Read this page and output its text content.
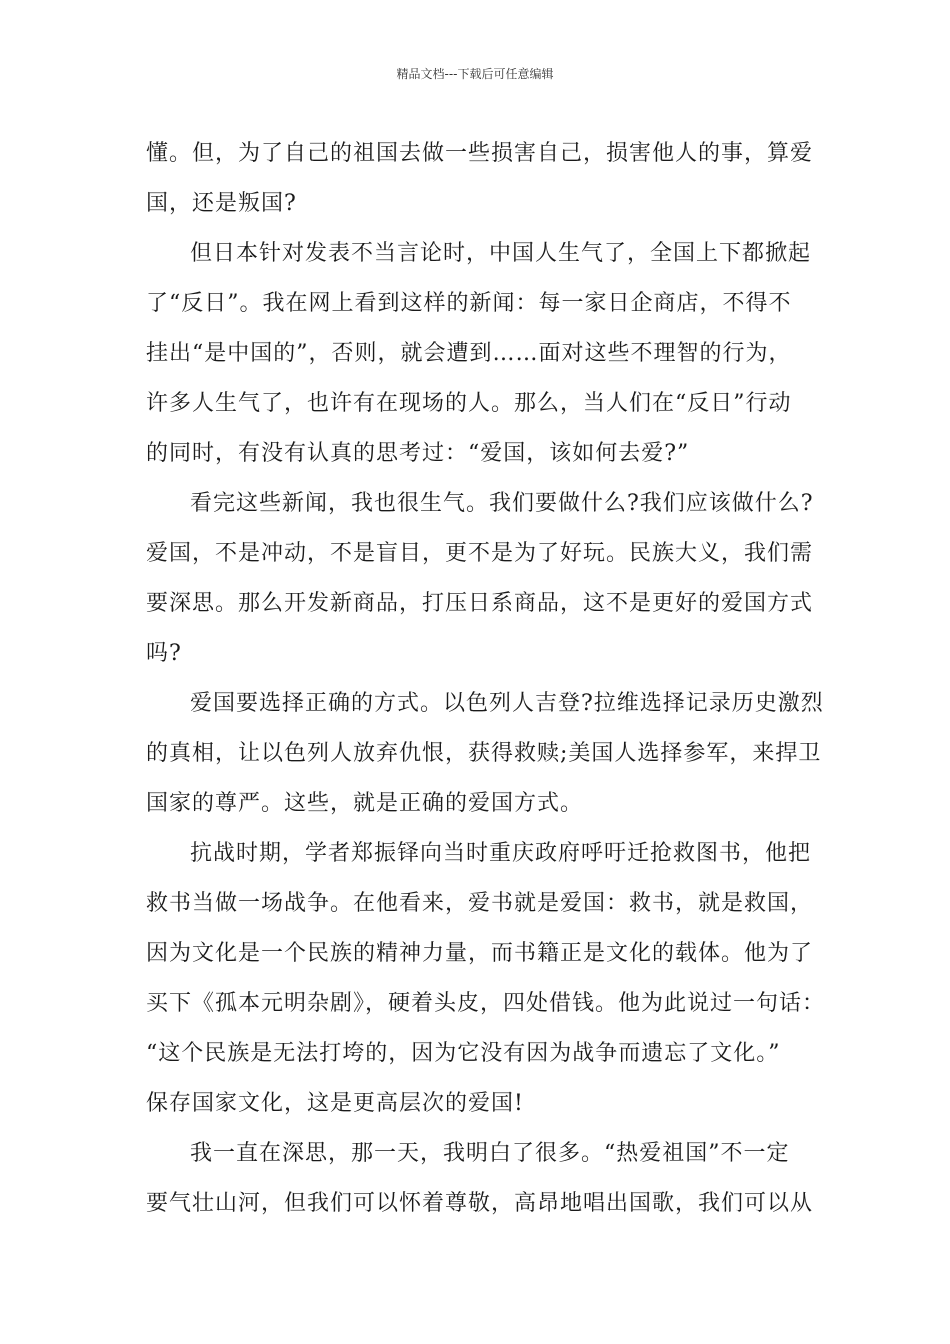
精品文档---下载后可任意编辑

懂。但，为了自己的祖国去做一些损害自己，损害他人的事，算爱
国，还是叛国?

但日本针对发表不当言论时，中国人生气了，全国上下都掀起
了“反日”。我在网上看到这样的新闻：每一家日企商店，不得不
挂出“是中国的”，否则，就会遭到……面对这些不理智的行为，
许多人生气了，也许有在现场的人。那么，当人们在“反日”行动
的同时，有没有认真的思考过：“爱国，该如何去爱?”

看完这些新闻，我也很生气。我们要做什么?我们应该做什么?
爱国，不是冲动，不是盲目，更不是为了好玩。民族大义，我们需
要深思。那么开发新商品，打压日系商品，这不是更好的爱国方式
吗?

爱国要选择正确的方式。以色列人吉登?拉维选择记录历史激烈
的真相，让以色列人放弃仇恨，获得救赎;美国人选择参军，来捍卫
国家的尊严。这些，就是正确的爱国方式。

抗战时期，学者郑振铎向当时重庆政府呼吁迁抢救图书，他把
救书当做一场战争。在他看来，爱书就是爱国：救书，就是救国，
因为文化是一个民族的精神力量，而书籍正是文化的载体。他为了
买下《孤本元明杂剧》，硬着头皮，四处借钱。他为此说过一句话：
“这个民族是无法打垮的，因为它没有因为战争而遗忘了文化。”
保存国家文化，这是更高层次的爱国!

我一直在深思，那一天，我明白了很多。“热爱祖国”不一定
要气壮山河，但我们可以怀着尊敬，高昂地唱出国歌，我们可以从
